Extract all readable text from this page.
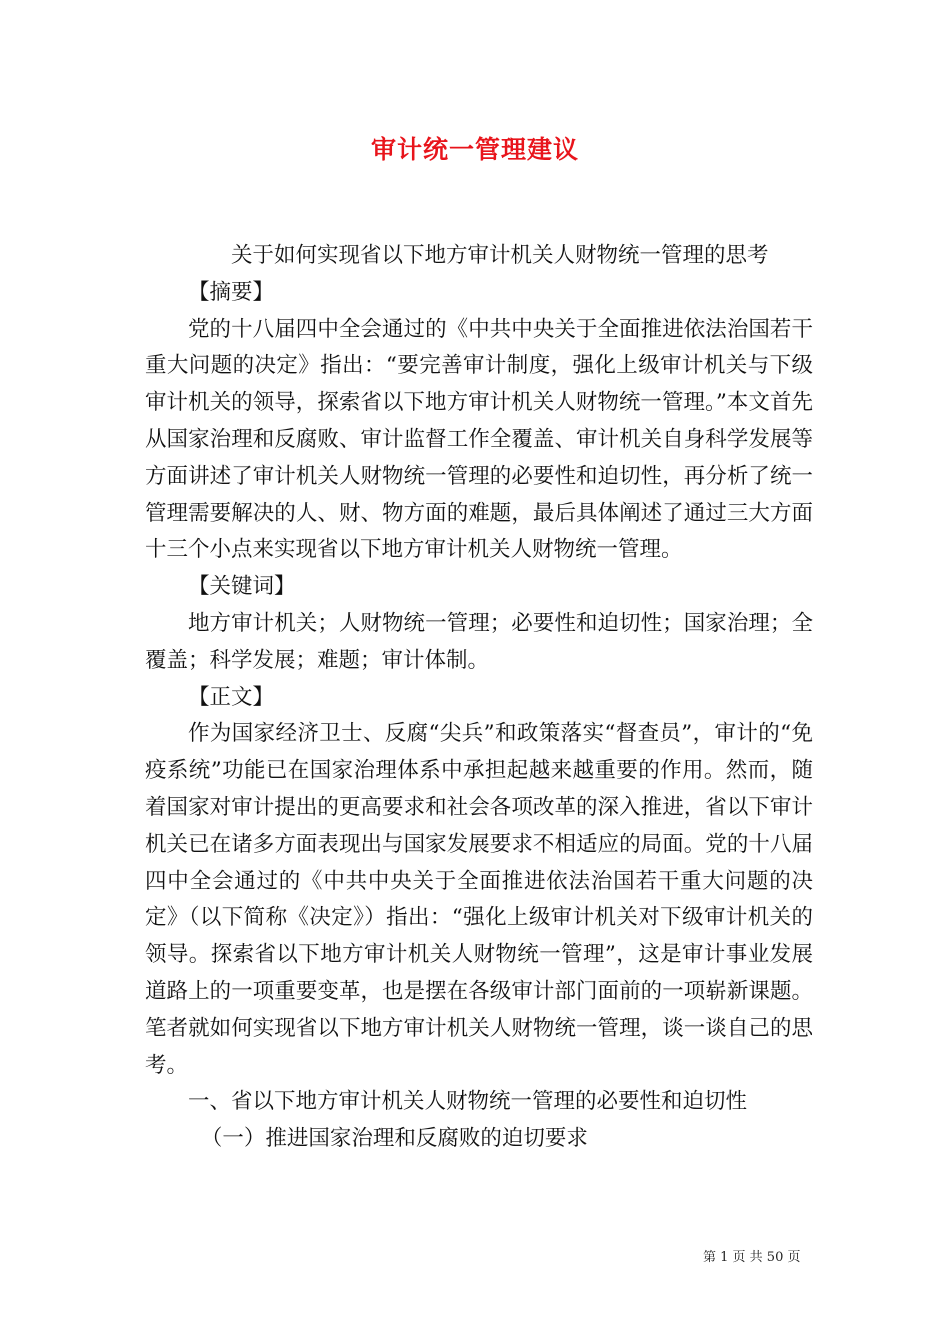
审计统一管理建议

关于如何实现省以下地方审计机关人财物统一管理的思考

【摘要】

党的十八届四中全会通过的《中共中央关于全面推进依法治国若干重大问题的决定》指出：“要完善审计制度，强化上级审计机关与下级审计机关的领导，探索省以下地方审计机关人财物统一管理。”本文首先从国家治理和反腐败、审计监督工作全覆盖、审计机关自身科学发展等方面讲述了审计机关人财物统一管理的必要性和迫切性，再分析了统一管理需要解决的人、财、物方面的难题，最后具体阐述了通过三大方面十三个小点来实现省以下地方审计机关人财物统一管理。

【关键词】

地方审计机关；人财物统一管理；必要性和迫切性；国家治理；全覆盖；科学发展；难题；审计体制。

【正文】

作为国家经济卫士、反腐“尖兵”和政策落实“督查员”，审计的“免疫系统”功能已在国家治理体系中承担起越来越重要的作用。然而，随着国家对审计提出的更高要求和社会各项改革的深入推进，省以下审计机关已在诸多方面表现出与国家发展要求不相适应的局面。党的十八届四中全会通过的《中共中央关于全面推进依法治国若干重大问题的决定》（以下简称《决定》）指出：“强化上级审计机关对下级审计机关的领导。探索省以下地方审计机关人财物统一管理”，这是审计事业发展道路上的一项重要变革，也是摆在各级审计部门面前的一项崭新课题。笔者就如何实现省以下地方审计机关人财物统一管理，谈一谈自己的思考。

一、省以下地方审计机关人财物统一管理的必要性和迫切性

（一）推进国家治理和反腐败的迫切要求

第 1 页 共 50 页
